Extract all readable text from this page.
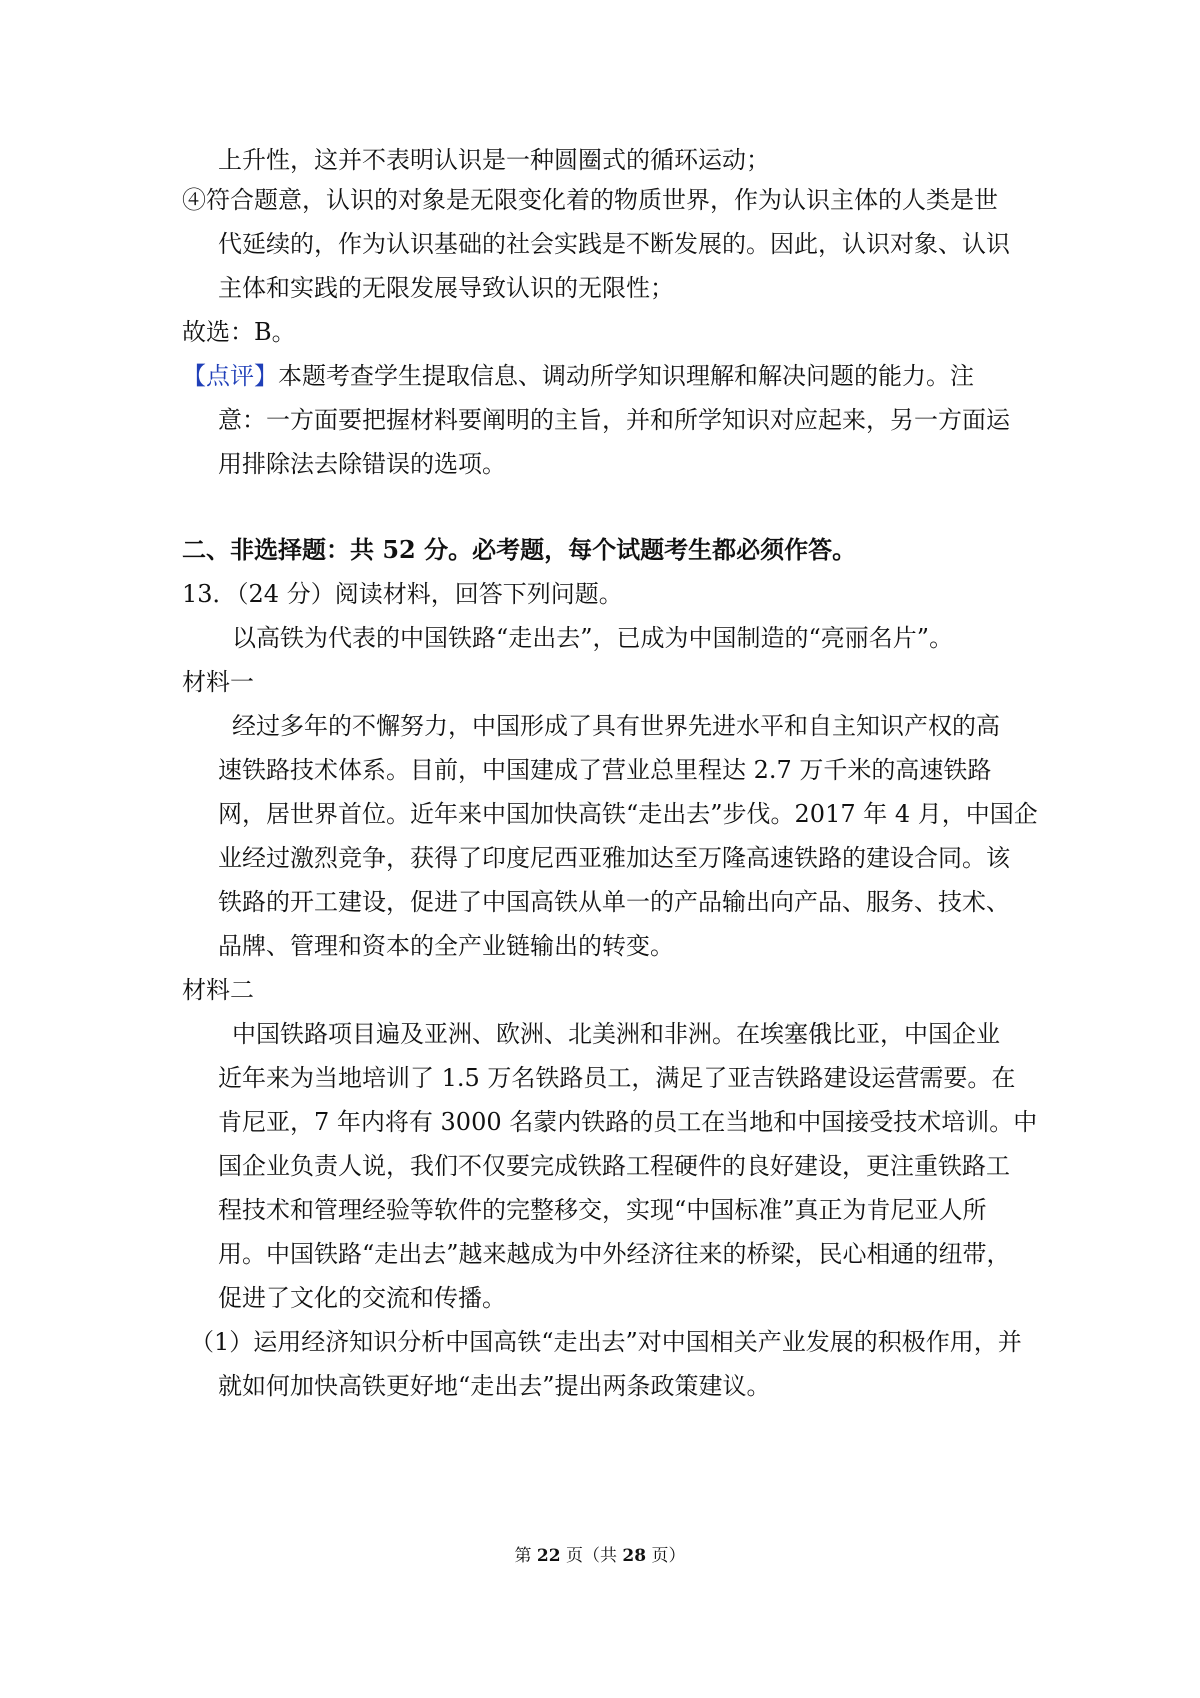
上升性，这并不表明认识是一种圆圈式的循环运动；
④符合题意，认识的对象是无限变化着的物质世界，作为认识主体的人类是世
代延续的，作为认识基础的社会实践是不断发展的。因此，认识对象、认识
主体和实践的无限发展导致认识的无限性；
故选：B。
【点评】本题考查学生提取信息、调动所学知识理解和解决问题的能力。注
意：一方面要把握材料要阐明的主旨，并和所学知识对应起来，另一方面运
用排除法去除错误的选项。
二、非选择题：共 52 分。必考题，每个试题考生都必须作答。
13．（24 分）阅读材料，回答下列问题。
以高铁为代表的中国铁路“走出去”，已成为中国制造的“亮丽名片”。
材料一
经过多年的不懈努力，中国形成了具有世界先进水平和自主知识产权的高
速铁路技术体系。目前，中国建成了营业总里程达 2.7 万千米的高速铁路
网，居世界首位。近年来中国加快高铁“走出去”步伐。2017 年 4 月，中国企
业经过激烈竞争，获得了印度尼西亚雅加达至万隆高速铁路的建设合同。该
铁路的开工建设，促进了中国高铁从单一的产品输出向产品、服务、技术、
品牌、管理和资本的全产业链输出的转变。
材料二
中国铁路项目遍及亚洲、欧洲、北美洲和非洲。在埃塞俄比亚，中国企业
近年来为当地培训了 1.5 万名铁路员工，满足了亚吉铁路建设运营需要。在
肯尼亚，7 年内将有 3000 名蒙内铁路的员工在当地和中国接受技术培训。中
国企业负责人说，我们不仅要完成铁路工程硬件的良好建设，更注重铁路工
程技术和管理经验等软件的完整移交，实现“中国标准”真正为肯尼亚人所
用。中国铁路“走出去”越来越成为中外经济往来的桥梁，民心相通的纽带，
促进了文化的交流和传播。
（1）运用经济知识分析中国高铁“走出去”对中国相关产业发展的积极作用，并
就如何加快高铁更好地“走出去”提出两条政策建议。
第 22 页（共 28 页）
